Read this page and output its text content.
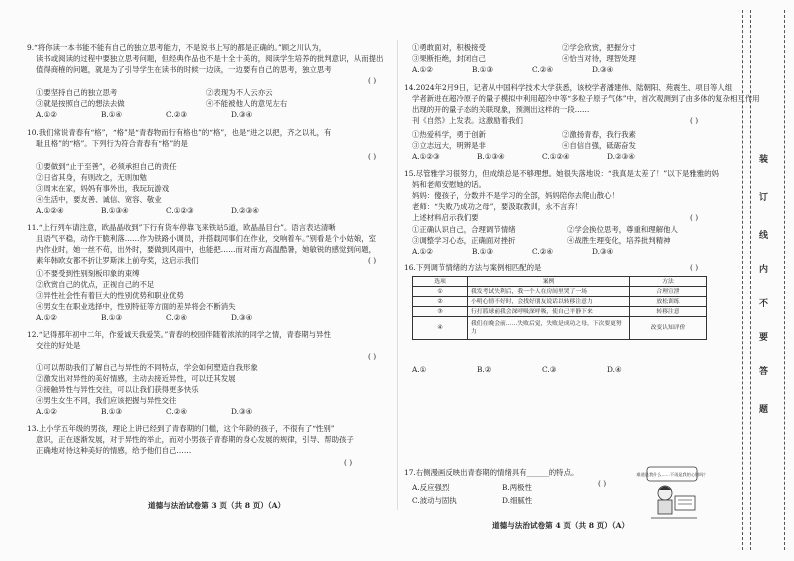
9.“将你读一本书能不能有自己的独立思考能力，不是说书上写的都是正确的。”顾之川认为，
读书或阅读的过程中要独立思考问题，但经典作品也不是十全十美的，阅读学生培养的批判意识，从而提出
值得商榷的问题，就是为了引导学生在读书的时候一边读，一边要有自己的思考，独立思考
( )
①要坚持自己的独立思考	②表现为不人云亦云
③就是按照自己的想法去做	④不能被他人的意见左右
A.①②	B.①④	C.②③	D.③④
10.我们常说青春有“格”，“格”是“青春物而行有格也”的“格”，也是“进之以把，齐之以礼，有
耻且格”的“格”。下列行为符合青春有“格”的是
( )
①要做到“止于至善”，必须承担自己的责任
②日省其身，有则改之，无则加勉
③周末在家，妈妈有事外出，我玩玩游戏
④生活中，要友善、诚信、宽容、敬业
A.①②④	B.①③④	C.①②③	D.②③④
11.“上行列车请注意，欧晶晶收到”下行有货车停靠飞来铁站5道，欧晶晶目台”。语言表达清晰
且语气平稳，动作干脆利落……作为铁路小调员，并搭载同事们在作业，交响着车。”别看是个小姑娘，室
内作业时，她一丝不苟，出外时，要做到风雨中，也能把……而对南方高温酷暑，她敏锐的感觉到问题，
素年韩欧女都不折让罗斯沫上前夸奖，这启示我们	( )
①不要受到性别刻板印象的束缚
②欣赏自己的优点，正视自己的不足
③异性社会性有着巨大的性别优势和职业优势
④男女生在职业选择中，性别特征等方面的差异将会不断消失
A.①②	B.①③	C.②④	D.③④
12.“记得那年初中二年，作爱诚天我爱笑。”青春的校园伴随着浓浓的同学之情，青春期与异性
交往的好处是
( )
①可以帮助我们了解自己与异性的不同特点，学会如何塑造自我形象
②激发出对异性的美好情感，主动去接近异性，可以迁其发展
③接触异性与异性交往，可以让我们获得更多快乐
④男生女生不同，我们应该把握与异性交往
A.①②	B.①③	C.②④	D.③④
13.上小学五年级的男孩，理论上讲已经到了青春期的门槛，这个年龄的孩子，不很有了“性别”
意识，正在逐渐发展，对于异性的举止，而对小男孩子青春期的身心发展的规律，引导、帮助孩子
正确地对待这种美好的情感，给予他们自己……
( )
道德与法治试卷第 3 页（共 8 页）（A）
①勇敢面对，积极接受	②学会欣赏，把握分寸
③果断拒绝，封闭自己	④恰当对待，理智处理
A.①②	B.①③	C.②④	D.③④
14.2024年2月9日，记者从中国科学技术大学获悉，该校学者潘建伟、陆朝阳、苑震生、项目等人组
学者新进在超冷原子的量子模拟中利用超冷中等“多粒子原子气体”中，首次观测到了由多体的复杂相互作用
出现的开的量子态的关联现象，预测出这样的一段……
刊《自然》上发表。这激励着我们	( )
①热爱科学，勇于创新	②激扬青春，我行我素
③立志远大，明辨是非	④自信自强，砥砺奋发
A.①②③	B.①③④	C.①②④	D.②③④
15.尽管雅学习很努力，但成绩总是不够理想。她很失落地说：“我真是太差了！”以下是雅雅的妈
妈和老师安慰她的话。
妈妈：傻孩子，分数并不是学习的全部，妈妈陪你去爬山散心！
老师：“失败乃成功之母”，要汲取教训，永不言弃！
上述材料启示我们要	( )
①正确认识自己，合理调节情绪	②学会换位思考，尊重和理解他人
③调整学习心态，正确面对挫折	④战胜生理变化，培养批判精神
A.①②	B.①③	C.②④	D.③④
16.下列调节情绪的方法与案例相匹配的是	( )
选项	案例	方法
①	我发考试失利后，我一个人在房间里哭了一场	合理宣泄
②	小明心情不好时，会找好朋友说话以转移注意力	放松训练
③	行打篮球前我会深呼吸深呼吸，使自己平静下来	转移注意
④	我们在晚会前……失败后觉，失败是成功之母，下次要更努力	改变认知评价
A.①	B.②	C.③	D.④
17.右侧漫画反映出青春期的情绪具有______的特点。
( )
A.反应强烈	B.两极性
C.波动与固执	D.细腻性
难道是我什么……不再是我的心错吗？
道德与法治试卷第 4 页（共 8 页）（A）
装
订
线
内
不
要
答
题
